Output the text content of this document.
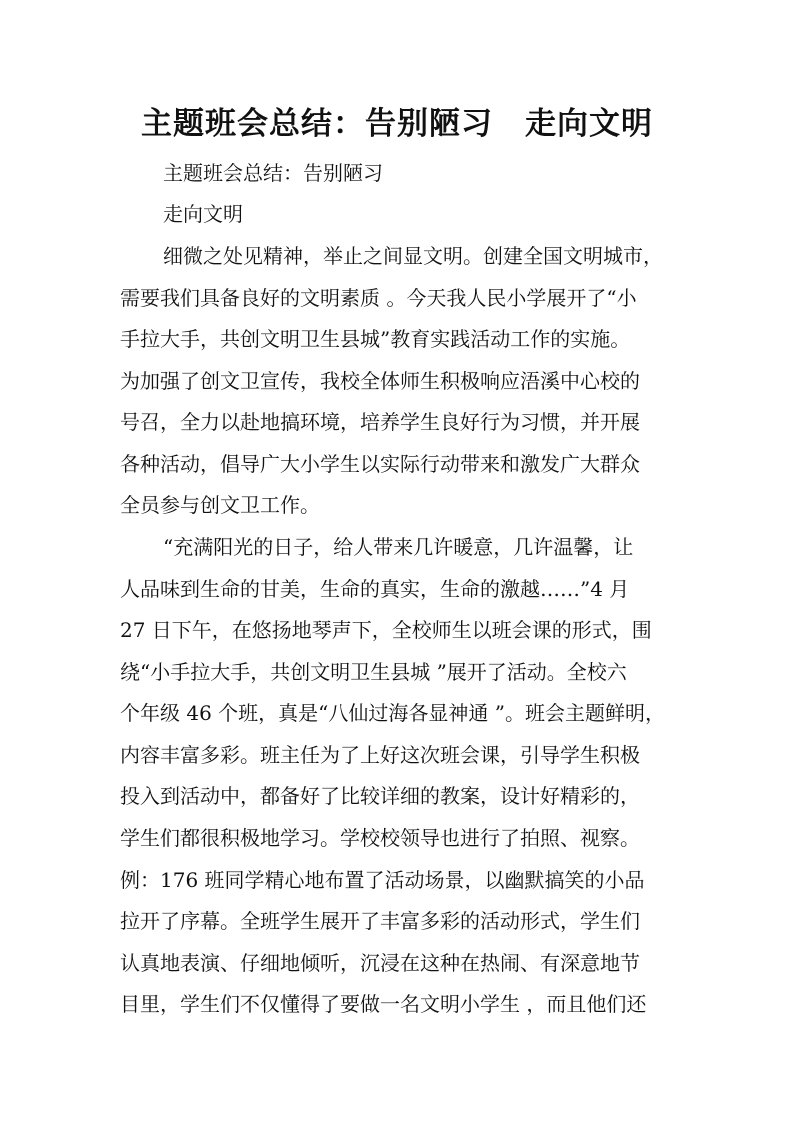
主题班会总结：告别陋习　走向文明

主题班会总结：告别陋习

走向文明

细微之处见精神，举止之间显文明。创建全国文明城市，

需要我们具备良好的文明素质 。今天我人民小学展开了“小

手拉大手，共创文明卫生县城”教育实践活动工作的实施。

为加强了创文卫宣传，我校全体师生积极响应浯溪中心校的

号召，全力以赴地搞环境，培养学生良好行为习惯，并开展

各种活动，倡导广大小学生以实际行动带来和激发广大群众

全员参与创文卫工作。

“充满阳光的日子，给人带来几许暖意，几许温馨，让

人品味到生命的甘美，生命的真实，生命的激越……”4 月

27 日下午，在悠扬地琴声下，全校师生以班会课的形式，围

绕“小手拉大手，共创文明卫生县城 ”展开了活动。全校六

个年级 46 个班，真是“八仙过海各显神通 ”。班会主题鲜明，

内容丰富多彩。班主任为了上好这次班会课，引导学生积极

投入到活动中，都备好了比较详细的教案，设计好精彩的，

学生们都很积极地学习。学校校领导也进行了拍照、视察。

例：176 班同学精心地布置了活动场景，以幽默搞笑的小品

拉开了序幕。全班学生展开了丰富多彩的活动形式，学生们

认真地表演、仔细地倾听，沉浸在这种在热闹、有深意地节

目里，学生们不仅懂得了要做一名文明小学生 ，而且他们还
